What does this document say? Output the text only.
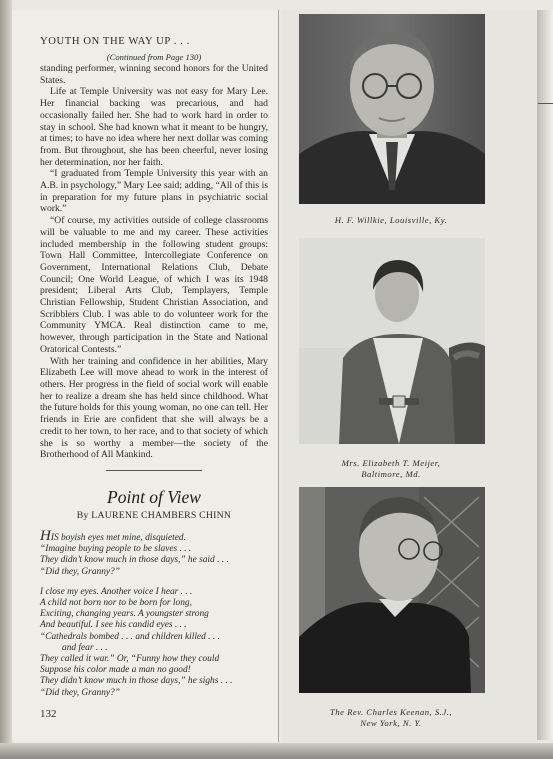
YOUTH ON THE WAY UP . . .

(Continued from Page 130)

standing performer, winning second honors for the United States.

Life at Temple University was not easy for Mary Lee. Her financial backing was precarious, and had occasionally failed her. She had to work hard in order to stay in school. She had known what it meant to be hungry, at times; to have no idea where her next dollar was coming from. But throughout, she has been cheerful, never losing her determination, nor her faith.

“I graduated from Temple University this year with an A.B. in psychology,” Mary Lee said; adding, “All of this is in preparation for my future plans in psychiatric social work.”

“Of course, my activities outside of college classrooms will be valuable to me and my career. These activities included membership in the following student groups: Town Hall Committee, Intercollegiate Conference on Government, International Relations Club, Debate Council; One World League, of which I was its 1948 president; Liberal Arts Club, Templayers, Temple Christian Fellowship, Student Christian Association, and Scribblers Club. I was able to do volunteer work for the Community YMCA. Real distinction came to me, however, through participation in the State and National Oratorical Contests.”

With her training and confidence in her abilities, Mary Elizabeth Lee will move ahead to work in the interest of others. Her progress in the field of social work will enable her to realize a dream she has held since childhood. What the future holds for this young woman, no one can tell. Her friends in Erie are confident that she will always be a credit to her town, to her race, and to that society of which she is so worthy a member—the society of the Brotherhood of All Mankind.

Point of View

By LAURENE CHAMBERS CHINN

HIS boyish eyes met mine, disquieted.
“Imagine buying people to be slaves . . .
They didn’t know much in those days,” he said . . .
“Did they, Granny?”
I close my eyes. Another voice I hear . . .
A child not born nor to be born for long,
Exciting, changing years. A youngster strong
And beautiful. I see his candid eyes . . .
“Cathedrals bombed . . . and children killed . . .
and fear . . .
They called it war.” Or, “Funny how they could
Suppose his color made a man no good!
They didn’t know much in those days,” he sighs . . .
“Did they, Granny?”
132
H. F. Willkie, Louisville, Ky.
Mrs. Elizabeth T. Meijer,
Baltimore, Md.
The Rev. Charles Keenan, S.J.,
New York, N. Y.
